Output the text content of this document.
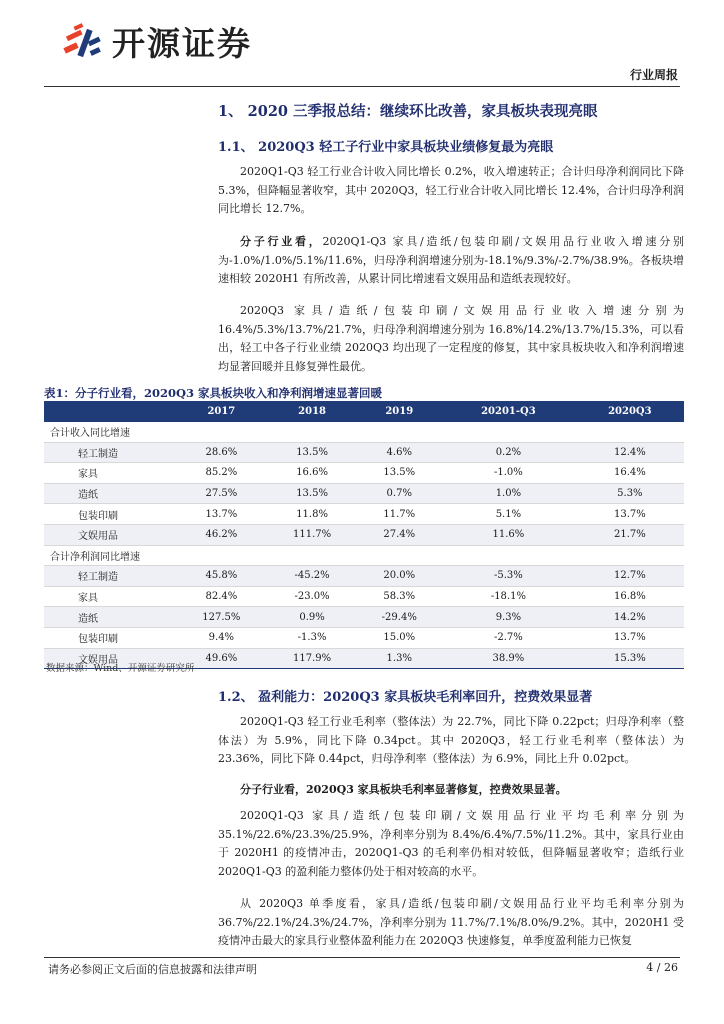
开源证券
行业周报
1、 2020 三季报总结：继续环比改善，家具板块表现亮眼
1.1、 2020Q3 轻工子行业中家具板块业绩修复最为亮眼
2020Q1-Q3 轻工行业合计收入同比增长 0.2%，收入增速转正；合计归母净利润同比下降 5.3%，但降幅显著收窄，其中 2020Q3，轻工行业合计收入同比增长 12.4%，合计归母净利润同比增长 12.7%。
分子行业看，2020Q1-Q3 家具/造纸/包装印刷/文娱用品行业收入增速分别为-1.0%/1.0%/5.1%/11.6%，归母净利润增速分别为-18.1%/9.3%/-2.7%/38.9%。各板块增速相较 2020H1 有所改善，从累计同比增速看文娱用品和造纸表现较好。
2020Q3 家具/造纸/包装印刷/文娱用品行业收入增速分别为16.4%/5.3%/13.7%/21.7%，归母净利润增速分别为 16.8%/14.2%/13.7%/15.3%，可以看出，轻工中各子行业业绩 2020Q3 均出现了一定程度的修复，其中家具板块收入和净利润增速均显著回暖并且修复弹性最优。
表1：分子行业看，2020Q3 家具板块收入和净利润增速显著回暖
	2017	2018	2019	20201-Q3	2020Q3
合计收入同比增速					
轻工制造	28.6%	13.5%	4.6%	0.2%	12.4%
家具	85.2%	16.6%	13.5%	-1.0%	16.4%
造纸	27.5%	13.5%	0.7%	1.0%	5.3%
包装印刷	13.7%	11.8%	11.7%	5.1%	13.7%
文娱用品	46.2%	111.7%	27.4%	11.6%	21.7%
合计净利润同比增速					
轻工制造	45.8%	-45.2%	20.0%	-5.3%	12.7%
家具	82.4%	-23.0%	58.3%	-18.1%	16.8%
造纸	127.5%	0.9%	-29.4%	9.3%	14.2%
包装印刷	9.4%	-1.3%	15.0%	-2.7%	13.7%
文娱用品	49.6%	117.9%	1.3%	38.9%	15.3%
数据来源：Wind、开源证券研究所
1.2、 盈利能力：2020Q3 家具板块毛利率回升，控费效果显著
2020Q1-Q3 轻工行业毛利率（整体法）为 22.7%，同比下降 0.22pct；归母净利率（整体法）为 5.9%，同比下降 0.34pct。其中 2020Q3，轻工行业毛利率（整体法）为 23.36%，同比下降 0.44pct，归母净利率（整体法）为 6.9%，同比上升 0.02pct。
分子行业看，2020Q3 家具板块毛利率显著修复，控费效果显著。
2020Q1-Q3 家具/造纸/包装印刷/文娱用品行业平均毛利率分别为35.1%/22.6%/23.3%/25.9%，净利率分别为 8.4%/6.4%/7.5%/11.2%。其中，家具行业由于 2020H1 的疫情冲击，2020Q1-Q3 的毛利率仍相对较低，但降幅显著收窄；造纸行业 2020Q1-Q3 的盈利能力整体仍处于相对较高的水平。
从 2020Q3 单季度看，家具/造纸/包装印刷/文娱用品行业平均毛利率分别为36.7%/22.1%/24.3%/24.7%，净利率分别为 11.7%/7.1%/8.0%/9.2%。其中，2020H1 受疫情冲击最大的家具行业整体盈利能力在 2020Q3 快速修复，单季度盈利能力已恢复
请务必参阅正文后面的信息披露和法律声明	4 / 26
